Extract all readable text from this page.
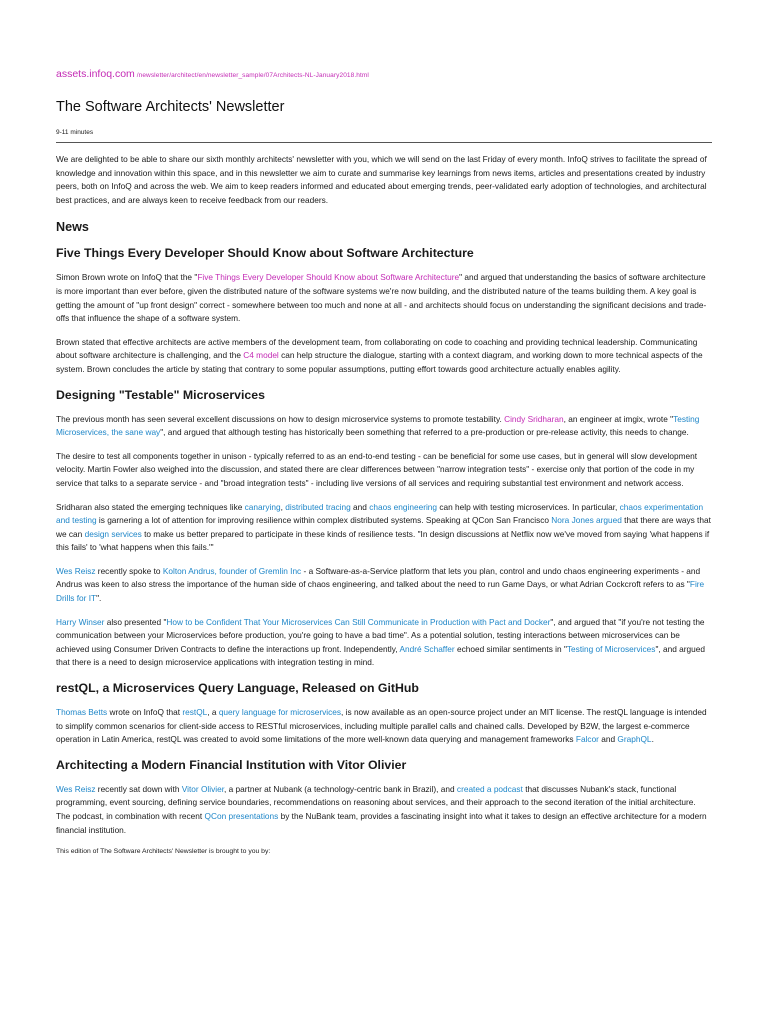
assets.infoq.com /newsletter/architect/en/newsletter_sample/07Architects-NL-January2018.html
The Software Architects' Newsletter
9-11 minutes

We are delighted to be able to share our sixth monthly architects' newsletter with you, which we will send on the last Friday of every month. InfoQ strives to facilitate the spread of knowledge and innovation within this space, and in this newsletter we aim to curate and summarise key learnings from news items, articles and presentations created by industry peers, both on InfoQ and across the web. We aim to keep readers informed and educated about emerging trends, peer-validated early adoption of technologies, and architectural best practices, and are always keen to receive feedback from our readers.

News
Five Things Every Developer Should Know about Software Architecture

Simon Brown wrote on InfoQ that the "Five Things Every Developer Should Know about Software Architecture" and argued that understanding the basics of software architecture is more important than ever before, given the distributed nature of the software systems we're now building, and the distributed nature of the teams building them. A key goal is getting the amount of "up front design" correct - somewhere between too much and none at all - and architects should focus on understanding the significant decisions and trade-offs that influence the shape of a software system.

Brown stated that effective architects are active members of the development team, from collaborating on code to coaching and providing technical leadership. Communicating about software architecture is challenging, and the C4 model can help structure the dialogue, starting with a context diagram, and working down to more technical aspects of the system. Brown concludes the article by stating that contrary to some popular assumptions, putting effort towards good architecture actually enables agility.

Designing "Testable" Microservices

The previous month has seen several excellent discussions on how to design microservice systems to promote testability. Cindy Sridharan, an engineer at imgix, wrote "Testing Microservices, the sane way", and argued that although testing has historically been something that referred to a pre-production or pre-release activity, this needs to change.

The desire to test all components together in unison - typically referred to as an end-to-end testing - can be beneficial for some use cases, but in general will slow development velocity. Martin Fowler also weighed into the discussion, and stated there are clear differences between "narrow integration tests" - exercise only that portion of the code in my service that talks to a separate service - and "broad integration tests" - including live versions of all services and requiring substantial test environment and network access.

Sridharan also stated the emerging techniques like canarying, distributed tracing and chaos engineering can help with testing microservices. In particular, chaos experimentation and testing is garnering a lot of attention for improving resilience within complex distributed systems. Speaking at QCon San Francisco Nora Jones argued that there are ways that we can design services to make us better prepared to participate in these kinds of resilience tests. "In design discussions at Netflix now we've moved from saying 'what happens if this fails' to 'what happens when this fails.'"

Wes Reisz recently spoke to Kolton Andrus, founder of Gremlin Inc - a Software-as-a-Service platform that lets you plan, control and undo chaos engineering experiments - and Andrus was keen to also stress the importance of the human side of chaos engineering, and talked about the need to run Game Days, or what Adrian Cockcroft refers to as "Fire Drills for IT".

Harry Winser also presented "How to be Confident That Your Microservices Can Still Communicate in Production with Pact and Docker", and argued that "if you're not testing the communication between your Microservices before production, you're going to have a bad time". As a potential solution, testing interactions between microservices can be achieved using Consumer Driven Contracts to define the interactions up front. Independently, André Schaffer echoed similar sentiments in "Testing of Microservices", and argued that there is a need to design microservice applications with integration testing in mind.

restQL, a Microservices Query Language, Released on GitHub

Thomas Betts wrote on InfoQ that restQL, a query language for microservices, is now available as an open-source project under an MIT license. The restQL language is intended to simplify common scenarios for client-side access to RESTful microservices, including multiple parallel calls and chained calls. Developed by B2W, the largest e-commerce operation in Latin America, restQL was created to avoid some limitations of the more well-known data querying and management frameworks Falcor and GraphQL.

Architecting a Modern Financial Institution with Vitor Olivier

Wes Reisz recently sat down with Vitor Olivier, a partner at Nubank (a technology-centric bank in Brazil), and created a podcast that discusses Nubank's stack, functional programming, event sourcing, defining service boundaries, recommendations on reasoning about services, and their approach to the second iteration of the initial architecture. The podcast, in combination with recent QCon presentations by the NuBank team, provides a fascinating insight into what it takes to design an effective architecture for a modern financial institution.

This edition of The Software Architects' Newsletter is brought to you by:
